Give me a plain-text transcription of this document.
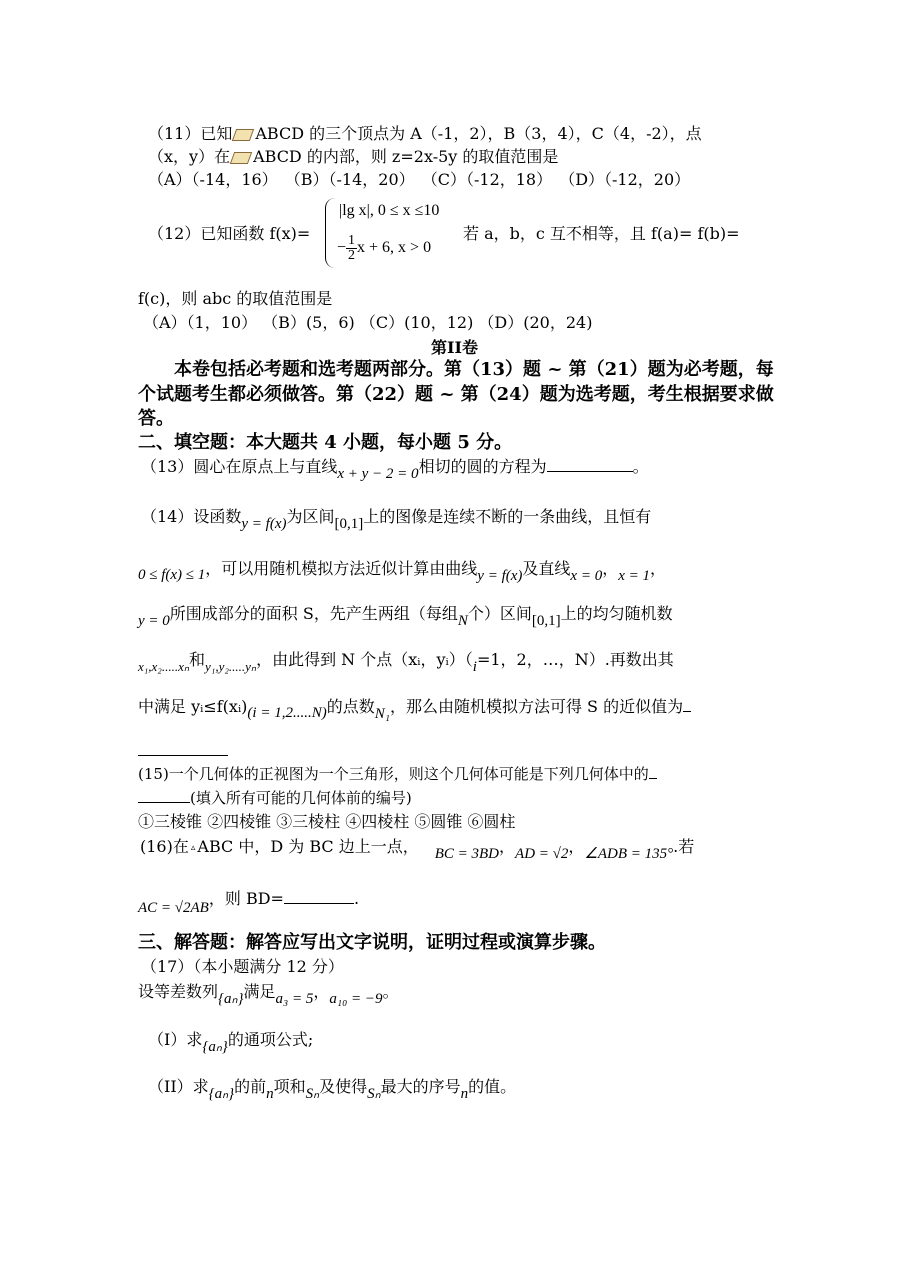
（11）已知 ABCD 的三个顶点为 A（-1，2），B（3，4），C（4，-2），点
（x，y）在 ABCD 的内部，则 z=2x-5y 的取值范围是
（A）（-14，16） （B）（-14，20） （C）（-12，18） （D）（-12，20）
（12）已知函数 f(x)=
|lg x|, 0 ≤ x ≤10
− $\frac{1}{2}$ x + 6, x > 0
若 a，b，c 互不相等，且 f(a)= f(b)=
f(c)，则 abc 的取值范围是
（A）（1，10） （B）(5，6) （C）(10，12) （D）(20，24)
第II卷
本卷包括必考题和选考题两部分。第（13）题 ~ 第（21）题为必考题，每
个试题考生都必须做答。第（22）题 ~ 第（24）题为选考题，考生根据要求做
答。
二、填空题：本大题共 4 小题，每小题 5 分。
（13）圆心在原点上与直线x + y − 2 = 0相切的圆的方程为	。
（14）设函数y = f(x)为区间[0,1]上的图像是连续不断的一条曲线，且恒有
0 ≤ f(x) ≤ 1，可以用随机模拟方法近似计算由曲线y = f(x)及直线x = 0，x = 1，
y = 0所围成部分的面积 S，先产生两组（每组N个）区间[0,1]上的均匀随机数
$_{x_1,x_2.....x_n}$和$_{y_1,y_2.....y_n}$，由此得到 N 个点（xᵢ，yᵢ）（i=1，2，…，N）.再数出其
中满足 yᵢ≤f(xᵢ)(i = 1,2.....N)的点数N₁，那么由随机模拟方法可得 S 的近似值为
(15)一个几何体的正视图为一个三角形，则这个几何体可能是下列几何体中的
(填入所有可能的几何体前的编号)
①三棱锥 ②四棱锥 ③三棱柱 ④四棱柱 ⑤圆锥 ⑥圆柱
(16)在 ▵ ABC 中，D 为 BC 边上一点， BC = 3BD，AD = √2，∠ADB = 135°.若
AC = √2AB，则 BD=	.
三、解答题：解答应写出文字说明，证明过程或演算步骤。
（17）（本小题满分 12 分）
设等差数列{aₙ}满足a₃ = 5，a₁₀ = −9。
（I）求{aₙ}的通项公式;
（II）求{aₙ}的前n项和Sₙ及使得Sₙ最大的序号n的值。
